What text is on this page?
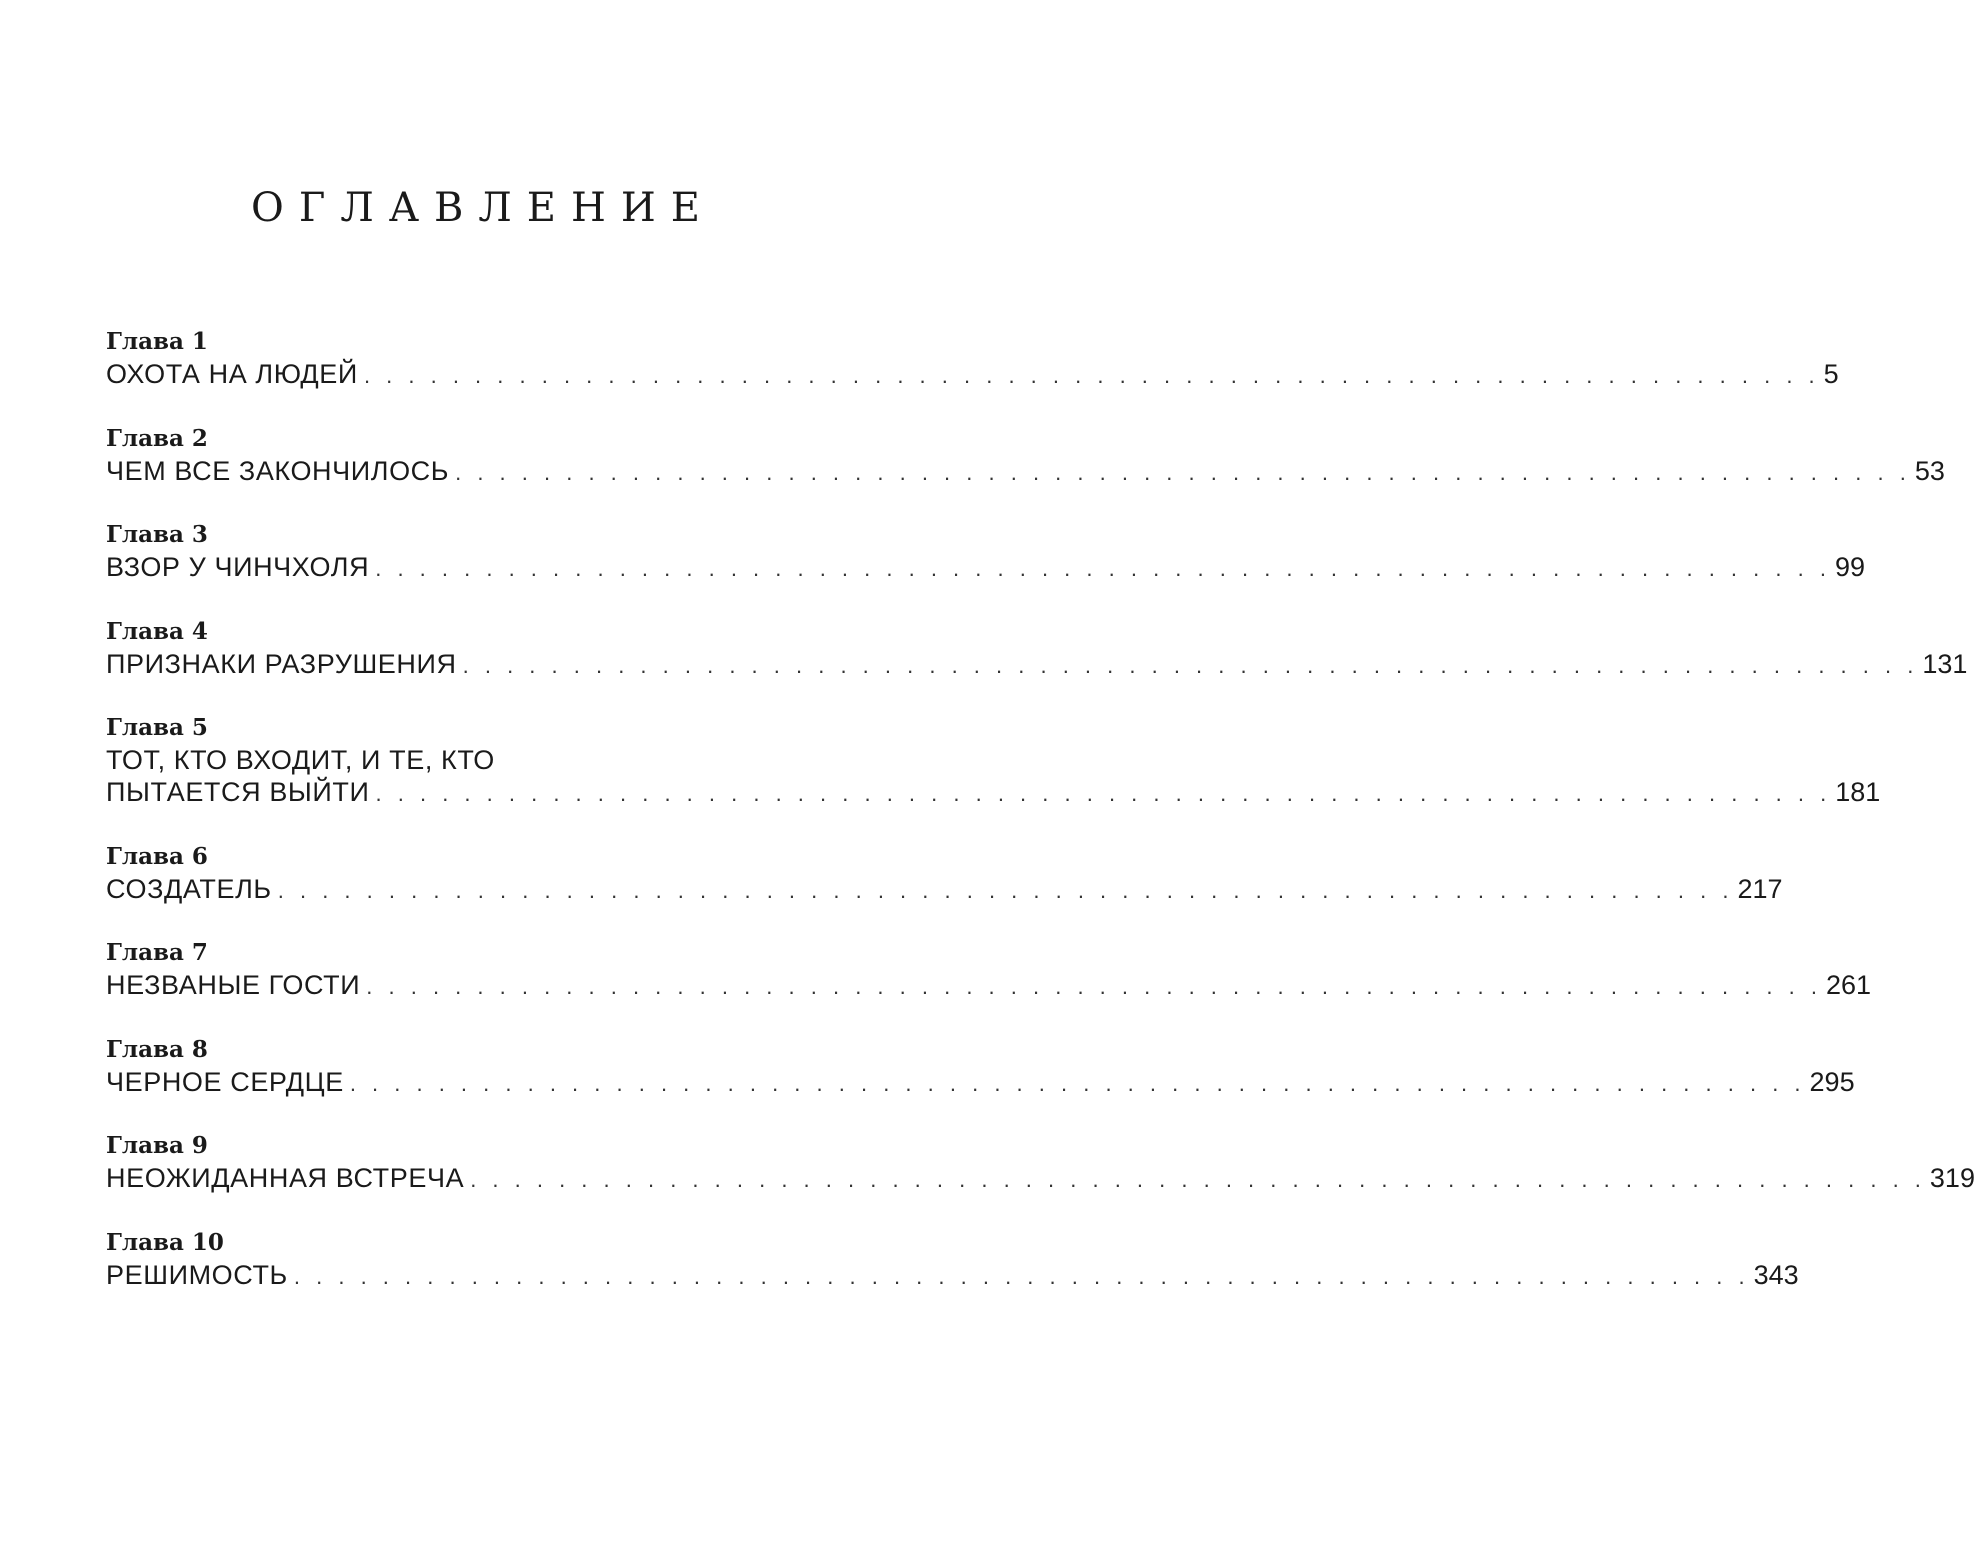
ОГЛАВЛЕНИЕ
Глава 1
ОХОТА НА ЛЮДЕЙ . . . . . . . . . . . . . . . . . . . . . . . . . . . . . . . . . . . . . . . . . . . . . . . . . . . . . . . . . . . . . . . . . . 5
Глава 2
ЧЕМ ВСЕ ЗАКОНЧИЛОСЬ . . . . . . . . . . . . . . . . . . . . . . . . . . . . . . . . . . . . . . . . . . . . . . . . . . . . . . . . . . . . . . . . . . 53
Глава 3
ВЗОР У ЧИНЧХОЛЯ . . . . . . . . . . . . . . . . . . . . . . . . . . . . . . . . . . . . . . . . . . . . . . . . . . . . . . . . . . . . . . . . . . 99
Глава 4
ПРИЗНАКИ РАЗРУШЕНИЯ . . . . . . . . . . . . . . . . . . . . . . . . . . . . . . . . . . . . . . . . . . . . . . . . . . . . . . . . . . . . . . . . . . 131
Глава 5
ТОТ, КТО ВХОДИТ, И ТЕ, КТО
ПЫТАЕТСЯ ВЫЙТИ . . . . . . . . . . . . . . . . . . . . . . . . . . . . . . . . . . . . . . . . . . . . . . . . . . . . . . . . . . . . . . . . . . 181
Глава 6
СОЗДАТЕЛЬ . . . . . . . . . . . . . . . . . . . . . . . . . . . . . . . . . . . . . . . . . . . . . . . . . . . . . . . . . . . . . . . . . . 217
Глава 7
НЕЗВАНЫЕ ГОСТИ . . . . . . . . . . . . . . . . . . . . . . . . . . . . . . . . . . . . . . . . . . . . . . . . . . . . . . . . . . . . . . . . . . 261
Глава 8
ЧЕРНОЕ СЕРДЦЕ . . . . . . . . . . . . . . . . . . . . . . . . . . . . . . . . . . . . . . . . . . . . . . . . . . . . . . . . . . . . . . . . . . 295
Глава 9
НЕОЖИДАННАЯ ВСТРЕЧА . . . . . . . . . . . . . . . . . . . . . . . . . . . . . . . . . . . . . . . . . . . . . . . . . . . . . . . . . . . . . . . . . . 319
Глава 10
РЕШИМОСТЬ . . . . . . . . . . . . . . . . . . . . . . . . . . . . . . . . . . . . . . . . . . . . . . . . . . . . . . . . . . . . . . . . . . 343
